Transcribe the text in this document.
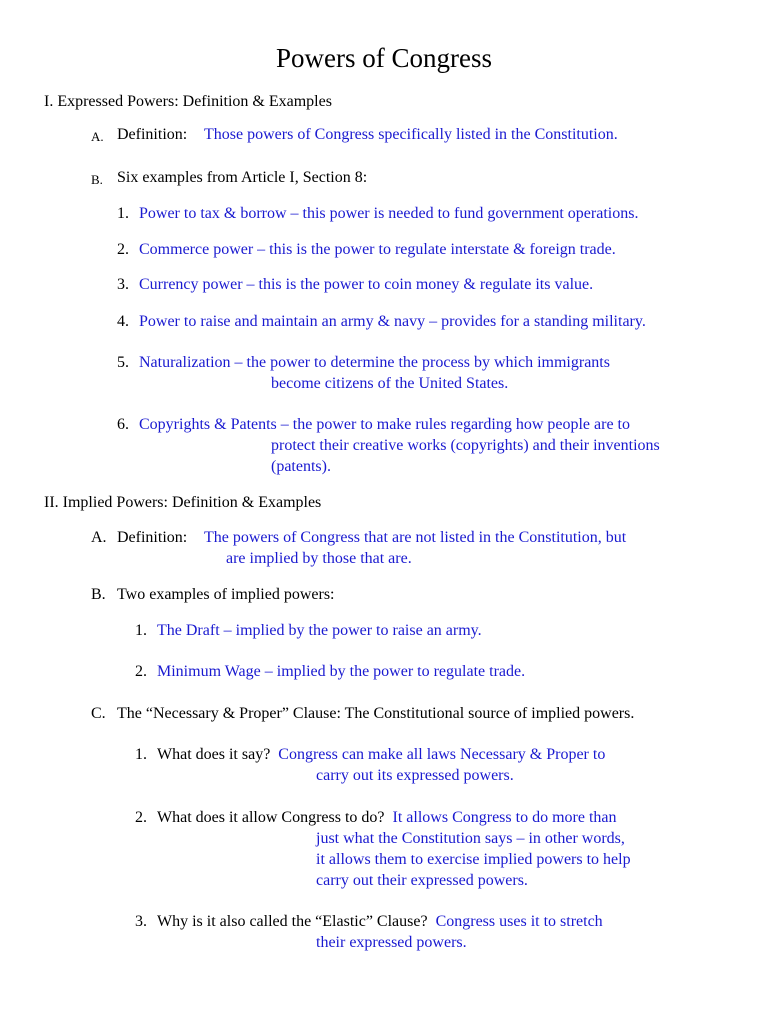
Powers of Congress
I. Expressed Powers: Definition & Examples
A. Definition: Those powers of Congress specifically listed in the Constitution.
B. Six examples from Article I, Section 8:
1. Power to tax & borrow – this power is needed to fund government operations.
2. Commerce power – this is the power to regulate interstate & foreign trade.
3. Currency power – this is the power to coin money & regulate its value.
4. Power to raise and maintain an army & navy – provides for a standing military.
5. Naturalization – the power to determine the process by which immigrants
become citizens of the United States.
6. Copyrights & Patents – the power to make rules regarding how people are to
protect their creative works (copyrights) and their inventions
(patents).
II. Implied Powers: Definition & Examples
A. Definition: The powers of Congress that are not listed in the Constitution, but
are implied by those that are.
B. Two examples of implied powers:
1. The Draft – implied by the power to raise an army.
2. Minimum Wage – implied by the power to regulate trade.
C. The “Necessary & Proper” Clause: The Constitutional source of implied powers.
1. What does it say? Congress can make all laws Necessary & Proper to
carry out its expressed powers.
2. What does it allow Congress to do? It allows Congress to do more than
just what the Constitution says – in other words,
it allows them to exercise implied powers to help
carry out their expressed powers.
3. Why is it also called the “Elastic” Clause? Congress uses it to stretch
their expressed powers.
